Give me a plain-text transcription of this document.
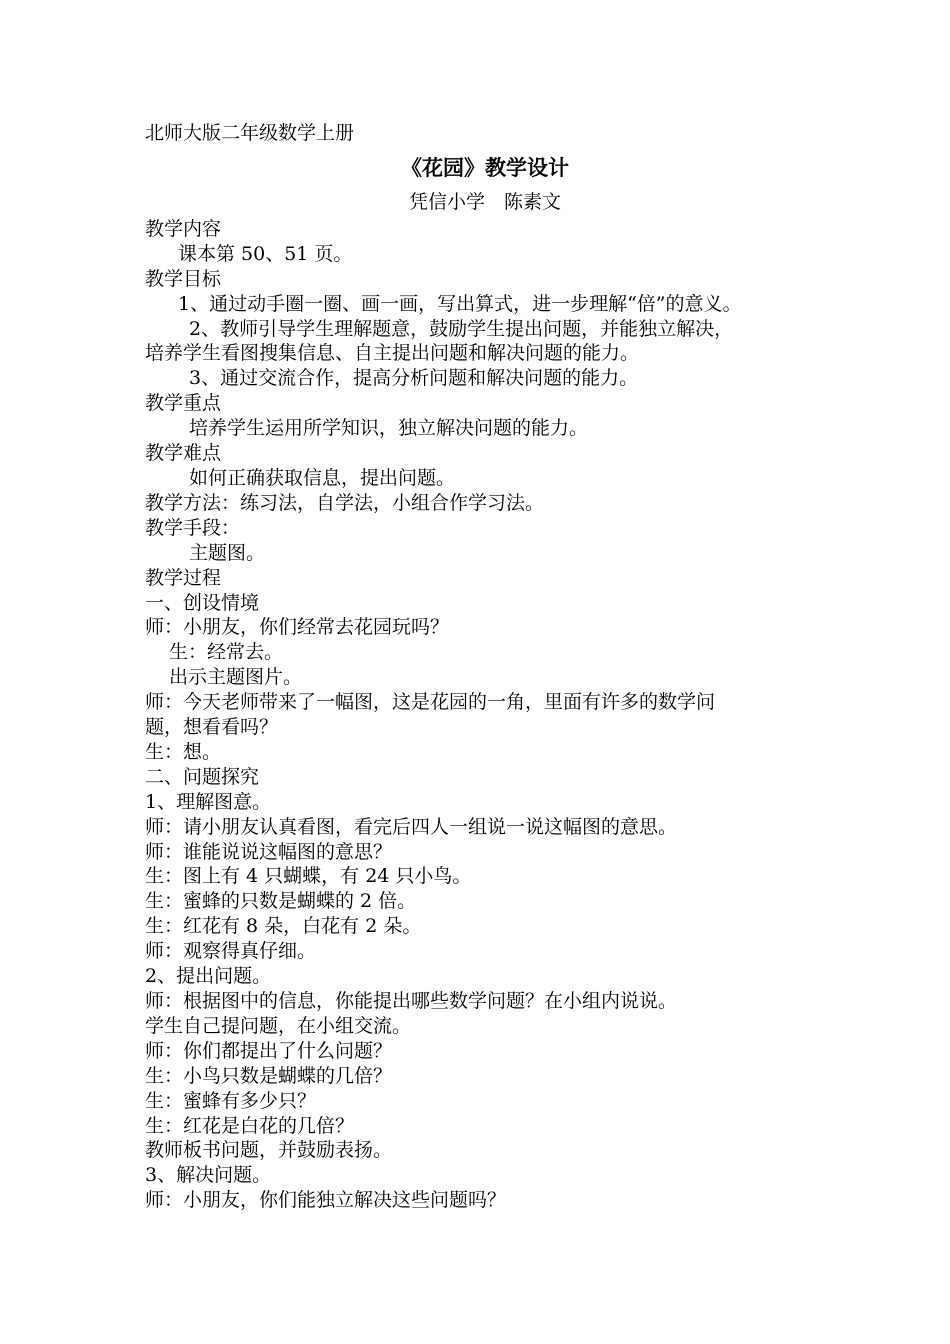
北师大版二年级数学上册

《花园》教学设计

凭信小学　陈素文

教学内容

课本第 50、51 页。

教学目标

1、通过动手圈一圈、画一画，写出算式，进一步理解“倍”的意义。

2、教师引导学生理解题意，鼓励学生提出问题，并能独立解决，

培养学生看图搜集信息、自主提出问题和解决问题的能力。

3、通过交流合作，提高分析问题和解决问题的能力。

教学重点

培养学生运用所学知识，独立解决问题的能力。

教学难点

如何正确获取信息，提出问题。

教学方法：练习法，自学法，小组合作学习法。

教学手段：

主题图。

教学过程

一、创设情境

师：小朋友，你们经常去花园玩吗？

生：经常去。

出示主题图片。

师：今天老师带来了一幅图，这是花园的一角，里面有许多的数学问

题，想看看吗？

生：想。

二、问题探究

1、理解图意。

师：请小朋友认真看图，看完后四人一组说一说这幅图的意思。

师：谁能说说这幅图的意思？

生：图上有 4 只蝴蝶，有 24 只小鸟。

生：蜜蜂的只数是蝴蝶的 2 倍。

生：红花有 8 朵，白花有 2 朵。

师：观察得真仔细。

2、提出问题。

师：根据图中的信息，你能提出哪些数学问题？在小组内说说。

学生自己提问题，在小组交流。

师：你们都提出了什么问题？

生：小鸟只数是蝴蝶的几倍？

生：蜜蜂有多少只？

生：红花是白花的几倍？

教师板书问题，并鼓励表扬。

3、解决问题。

师：小朋友，你们能独立解决这些问题吗？
